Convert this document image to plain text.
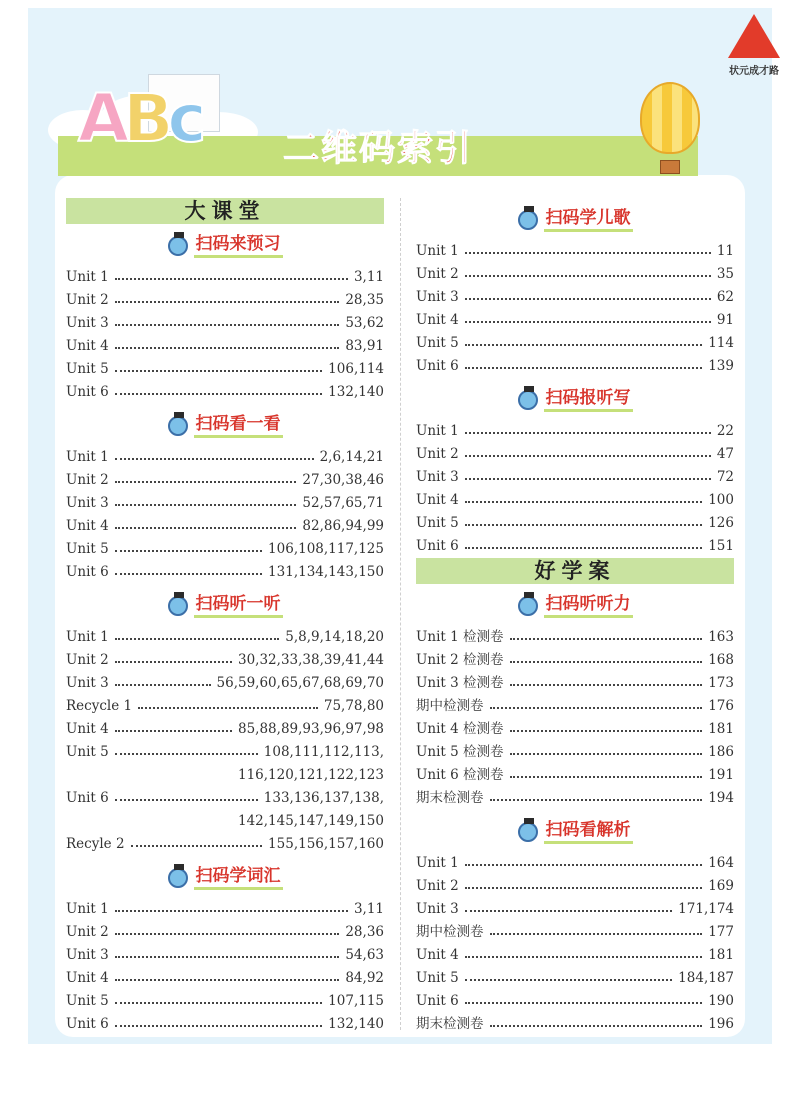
ABc 二维码索引
状元成才路
大课堂
扫码来预习
Unit 1	3,11
Unit 2	28,35
Unit 3	53,62
Unit 4	83,91
Unit 5	106,114
Unit 6	132,140
扫码看一看
Unit 1	2,6,14,21
Unit 2	27,30,38,46
Unit 3	52,57,65,71
Unit 4	82,86,94,99
Unit 5	106,108,117,125
Unit 6	131,134,143,150
扫码听一听
Unit 1	5,8,9,14,18,20
Unit 2	30,32,33,38,39,41,44
Unit 3	56,59,60,65,67,68,69,70
Recycle 1	75,78,80
Unit 4	85,88,89,93,96,97,98
Unit 5	108,111,112,113,
116,120,121,122,123
Unit 6	133,136,137,138,
142,145,147,149,150
Recyle 2	155,156,157,160
扫码学词汇
Unit 1	3,11
Unit 2	28,36
Unit 3	54,63
Unit 4	84,92
Unit 5	107,115
Unit 6	132,140
扫码学儿歌
Unit 1	11
Unit 2	35
Unit 3	62
Unit 4	91
Unit 5	114
Unit 6	139
扫码报听写
Unit 1	22
Unit 2	47
Unit 3	72
Unit 4	100
Unit 5	126
Unit 6	151
好学案
扫码听听力
Unit 1 检测卷	163
Unit 2 检测卷	168
Unit 3 检测卷	173
期中检测卷	176
Unit 4 检测卷	181
Unit 5 检测卷	186
Unit 6 检测卷	191
期末检测卷	194
扫码看解析
Unit 1	164
Unit 2	169
Unit 3	171,174
期中检测卷	177
Unit 4	181
Unit 5	184,187
Unit 6	190
期末检测卷	196
